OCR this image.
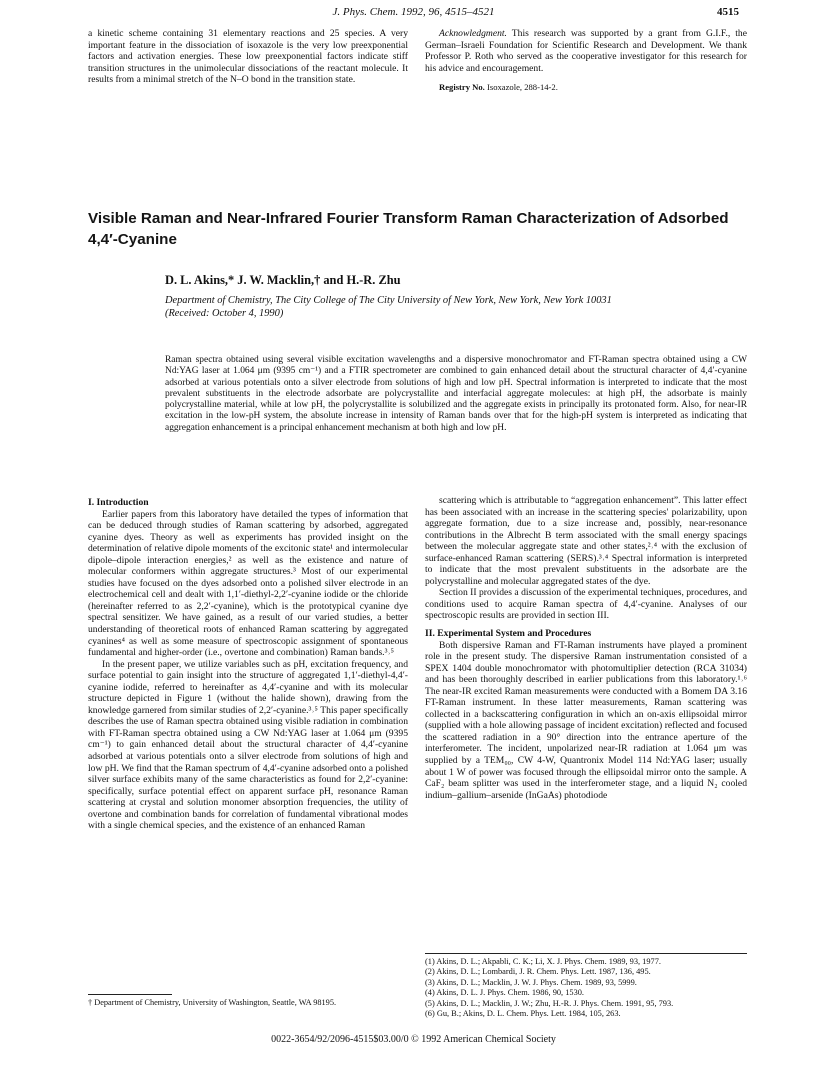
J. Phys. Chem. 1992, 96, 4515–4521	4515

a kinetic scheme containing 31 elementary reactions and 25 species. A very important feature in the dissociation of isoxazole is the very low preexponential factors and activation energies. These low preexponential factors indicate stiff transition structures in the unimolecular dissociations of the reactant molecule. It results from a minimal stretch of the N–O bond in the transition state.

Acknowledgment. This research was supported by a grant from G.I.F., the German–Israeli Foundation for Scientific Research and Development. We thank Professor P. Roth who served as the cooperative investigator for this research for his advice and encouragement.

Registry No. Isoxazole, 288-14-2.

Visible Raman and Near-Infrared Fourier Transform Raman Characterization of Adsorbed 4,4′-Cyanine
D. L. Akins,* J. W. Macklin,† and H.-R. Zhu
Department of Chemistry, The City College of The City University of New York, New York, New York 10031
(Received: October 4, 1990)
Raman spectra obtained using several visible excitation wavelengths and a dispersive monochromator and FT-Raman spectra obtained using a CW Nd:YAG laser at 1.064 μm (9395 cm⁻¹) and a FTIR spectrometer are combined to gain enhanced detail about the structural character of 4,4′-cyanine adsorbed at various potentials onto a silver electrode from solutions of high and low pH. Spectral information is interpreted to indicate that the most prevalent substituents in the electrode adsorbate are polycrystallite and interfacial aggregate molecules: at high pH, the adsorbate is mainly polycrystalline material, while at low pH, the polycrystallite is solubilized and the aggregate exists in principally its protonated form. Also, for near-IR excitation in the low-pH system, the absolute increase in intensity of Raman bands over that for the high-pH system is interpreted as indicating that aggregation enhancement is a principal enhancement mechanism at both high and low pH.

I. Introduction

Earlier papers from this laboratory have detailed the types of information that can be deduced through studies of Raman scattering by adsorbed, aggregated cyanine dyes. Theory as well as experiments has provided insight on the determination of relative dipole moments of the excitonic state¹ and intermolecular dipole–dipole interaction energies,² as well as the existence and nature of molecular conformers within aggregate structures.³ Most of our experimental studies have focused on the dyes adsorbed onto a polished silver electrode in an electrochemical cell and dealt with 1,1′-diethyl-2,2′-cyanine iodide or the chloride (hereinafter referred to as 2,2′-cyanine), which is the prototypical cyanine dye spectral sensitizer. We have gained, as a result of our varied studies, a better understanding of theoretical roots of enhanced Raman scattering by aggregated cyanines⁴ as well as some measure of spectroscopic assignment of spontaneous fundamental and higher-order (i.e., overtone and combination) Raman bands.³˒⁵

In the present paper, we utilize variables such as pH, excitation frequency, and surface potential to gain insight into the structure of aggregated 1,1′-diethyl-4,4′-cyanine iodide, referred to hereinafter as 4,4′-cyanine and with its molecular structure depicted in Figure 1 (without the halide shown), drawing from the knowledge garnered from similar studies of 2,2′-cyanine.³˒⁵ This paper specifically describes the use of Raman spectra obtained using visible radiation in combination with FT-Raman spectra obtained using a CW Nd:YAG laser at 1.064 μm (9395 cm⁻¹) to gain enhanced detail about the structural character of 4,4′-cyanine adsorbed at various potentials onto a silver electrode from solutions of high and low pH. We find that the Raman spectrum of 4,4′-cyanine adsorbed onto a polished silver surface exhibits many of the same characteristics as found for 2,2′-cyanine: specifically, surface potential effect on apparent surface pH, resonance Raman scattering at crystal and solution monomer absorption frequencies, the utility of overtone and combination bands for correlation of fundamental vibrational modes with a single chemical species, and the existence of an enhanced Raman

† Department of Chemistry, University of Washington, Seattle, WA 98195.

scattering which is attributable to “aggregation enhancement”. This latter effect has been associated with an increase in the scattering species' polarizability, upon aggregate formation, due to a size increase and, possibly, near-resonance contributions in the Albrecht B term associated with the small energy spacings between the molecular aggregate state and other states,²˒⁴ with the exclusion of surface-enhanced Raman scattering (SERS).³˒⁴ Spectral information is interpreted to indicate that the most prevalent substituents in the adsorbate are the polycrystalline and molecular aggregated states of the dye.

Section II provides a discussion of the experimental techniques, procedures, and conditions used to acquire Raman spectra of 4,4′-cyanine. Analyses of our spectroscopic results are provided in section III.

II. Experimental System and Procedures

Both dispersive Raman and FT-Raman instruments have played a prominent role in the present study. The dispersive Raman instrumentation consisted of a SPEX 1404 double monochromator with photomultiplier detection (RCA 31034) and has been thoroughly described in earlier publications from this laboratory.¹˒⁶ The near-IR excited Raman measurements were conducted with a Bomem DA 3.16 FT-Raman instrument. In these latter measurements, Raman scattering was collected in a backscattering configuration in which an on-axis ellipsoidal mirror (supplied with a hole allowing passage of incident excitation) reflected and focused the scattered radiation in a 90° direction into the entrance aperture of the interferometer. The incident, unpolarized near-IR radiation at 1.064 μm was supplied by a TEM₀₀, CW 4-W, Quantronix Model 114 Nd:YAG laser; usually about 1 W of power was focused through the ellipsoidal mirror onto the sample. A CaF₂ beam splitter was used in the interferometer stage, and a liquid N₂ cooled indium–gallium–arsenide (InGaAs) photodiode

(1) Akins, D. L.; Akpabli, C. K.; Li, X. J. Phys. Chem. 1989, 93, 1977.
(2) Akins, D. L.; Lombardi, J. R. Chem. Phys. Lett. 1987, 136, 495.
(3) Akins, D. L.; Macklin, J. W. J. Phys. Chem. 1989, 93, 5999.
(4) Akins, D. L. J. Phys. Chem. 1986, 90, 1530.
(5) Akins, D. L.; Macklin, J. W.; Zhu, H.-R. J. Phys. Chem. 1991, 95, 793.
(6) Gu, B.; Akins, D. L. Chem. Phys. Lett. 1984, 105, 263.
0022-3654/92/2096-4515$03.00/0 © 1992 American Chemical Society
